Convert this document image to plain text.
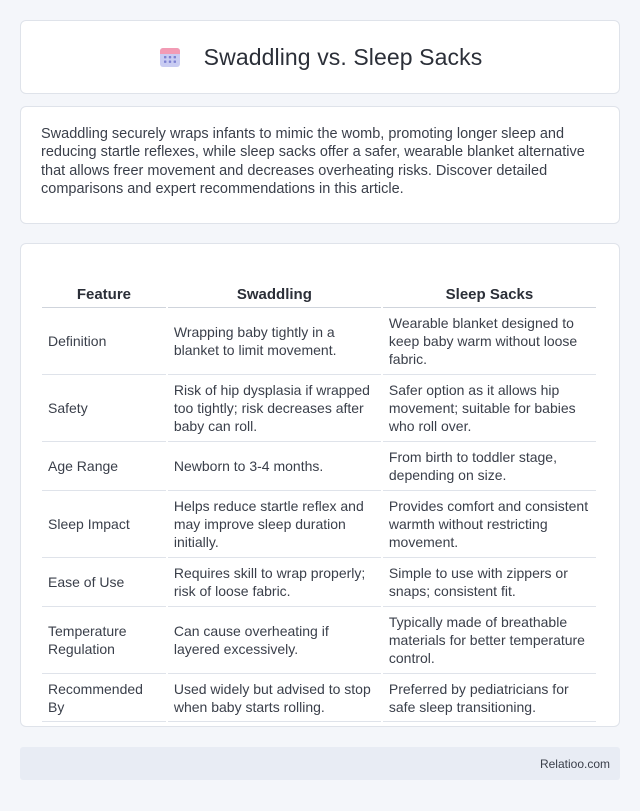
Swaddling vs. Sleep Sacks

Swaddling securely wraps infants to mimic the womb, promoting longer sleep and reducing startle reflexes, while sleep sacks offer a safer, wearable blanket alternative that allows freer movement and decreases overheating risks. Discover detailed comparisons and expert recommendations in this article.

Feature	Swaddling	Sleep Sacks
Definition	Wrapping baby tightly in a blanket to limit movement.	Wearable blanket designed to keep baby warm without loose fabric.
Safety	Risk of hip dysplasia if wrapped too tightly; risk decreases after baby can roll.	Safer option as it allows hip movement; suitable for babies who roll over.
Age Range	Newborn to 3-4 months.	From birth to toddler stage, depending on size.
Sleep Impact	Helps reduce startle reflex and may improve sleep duration initially.	Provides comfort and consistent warmth without restricting movement.
Ease of Use	Requires skill to wrap properly; risk of loose fabric.	Simple to use with zippers or snaps; consistent fit.
Temperature Regulation	Can cause overheating if layered excessively.	Typically made of breathable materials for better temperature control.
Recommended By	Used widely but advised to stop when baby starts rolling.	Preferred by pediatricians for safe sleep transitioning.
Relatioo.com
